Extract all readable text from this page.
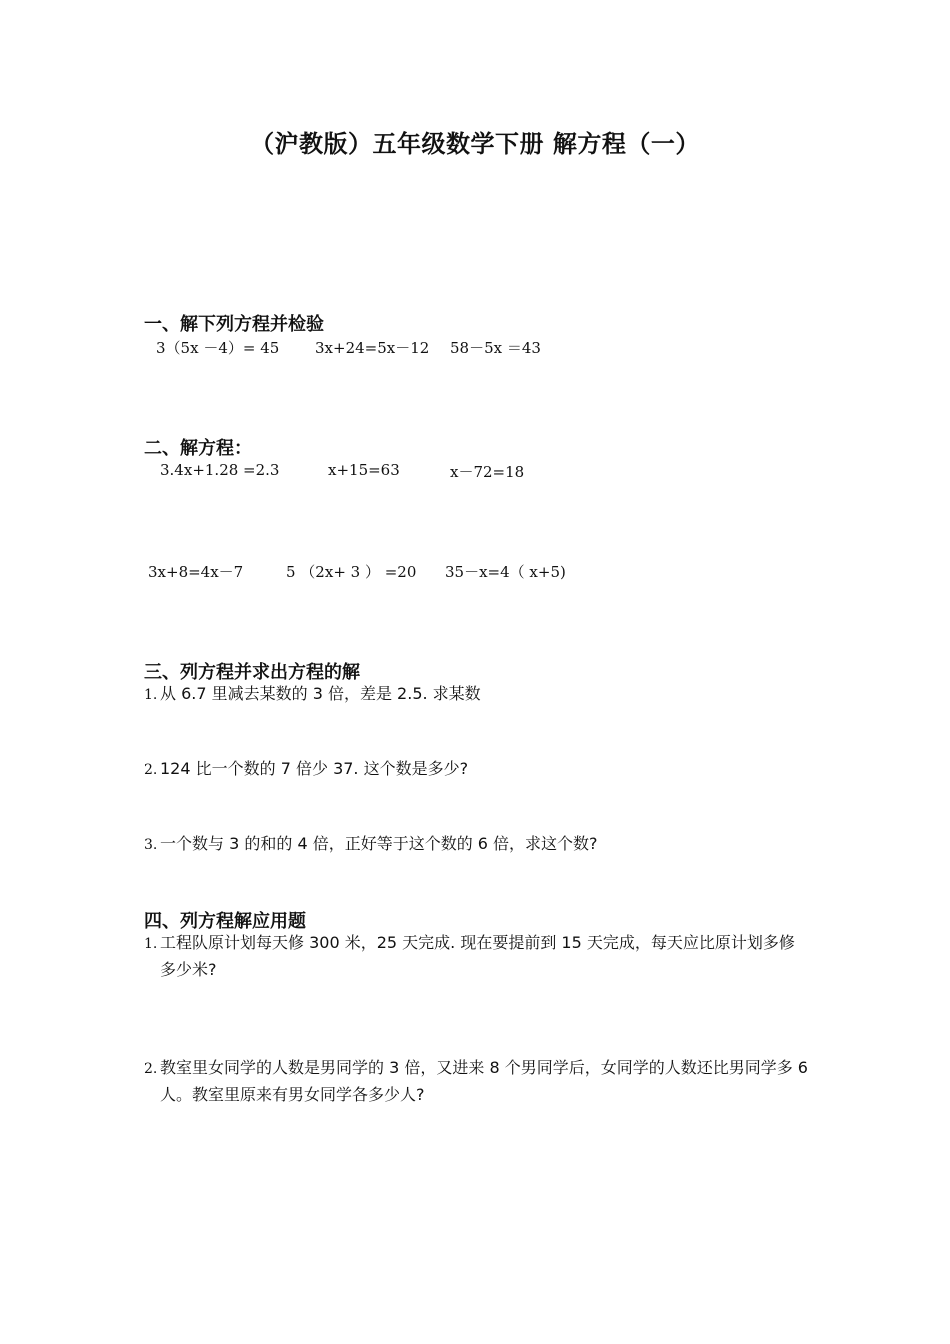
（沪教版）五年级数学下册 解方程（一）
一、解下列方程并检验
3（5x －4）= 45 3x+24=5x－12 58－5x ＝43
二、解方程：
3.4x+1.28 =2.3	x+15=63	x－72=18
3x+8=4x－7	5 （2x+ 3 ） =20 35－x=4（ x+5)
三、列方程并求出方程的解
1. 从 6.7 里减去某数的 3 倍，差是 2.5. 求某数
2. 124 比一个数的 7 倍少 37. 这个数是多少?
3. 一个数与 3 的和的 4 倍，正好等于这个数的 6 倍，求这个数?
四、列方程解应用题
1. 工程队原计划每天修 300 米，25 天完成. 现在要提前到 15 天完成，每天应比原计划多修多少米?
2. 教室里女同学的人数是男同学的 3 倍，又进来 8 个男同学后，女同学的人数还比男同学多 6 人。教室里原来有男女同学各多少人?
